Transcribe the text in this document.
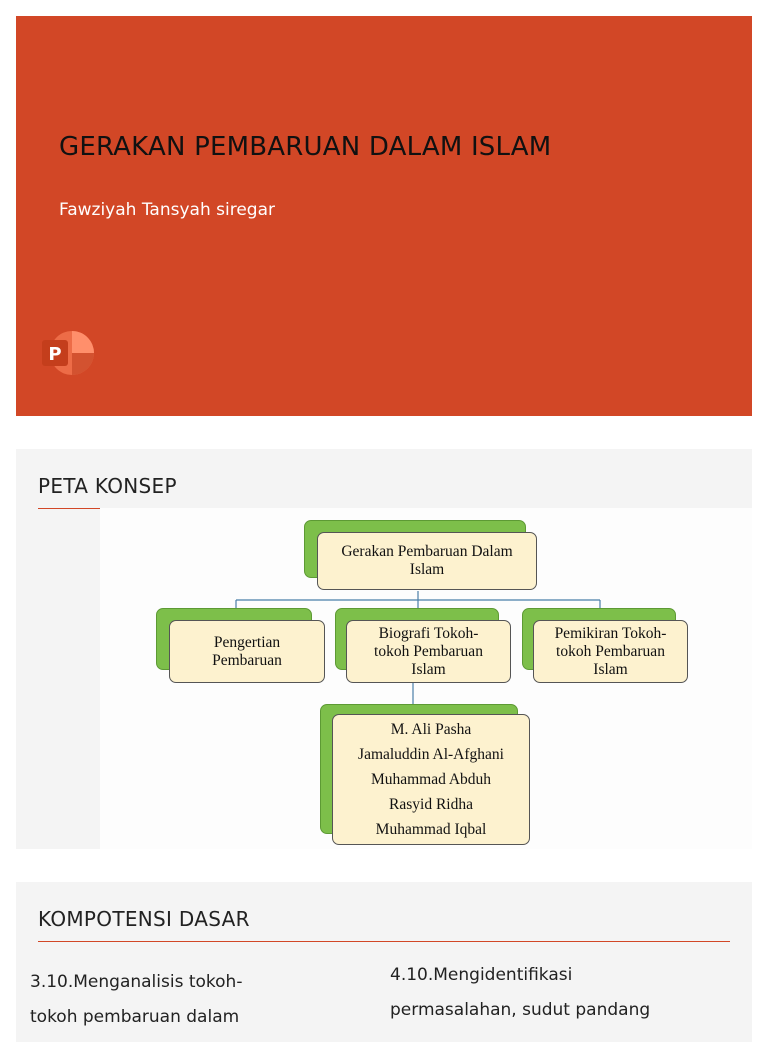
GERAKAN PEMBARUAN DALAM ISLAM
Fawziyah Tansyah siregar
P
PETA KONSEP
Gerakan Pembaruan Dalam
Islam
Pengertian
Pembaruan
Biografi Tokoh-
tokoh Pembaruan
Islam
Pemikiran Tokoh-
tokoh Pembaruan
Islam
M. Ali Pasha
Jamaluddin Al-Afghani
Muhammad Abduh
Rasyid Ridha
Muhammad Iqbal
KOMPOTENSI DASAR
3.10.Menganalisis tokoh-
tokoh pembaruan dalam
4.10.Mengidentifikasi
permasalahan, sudut pandang
